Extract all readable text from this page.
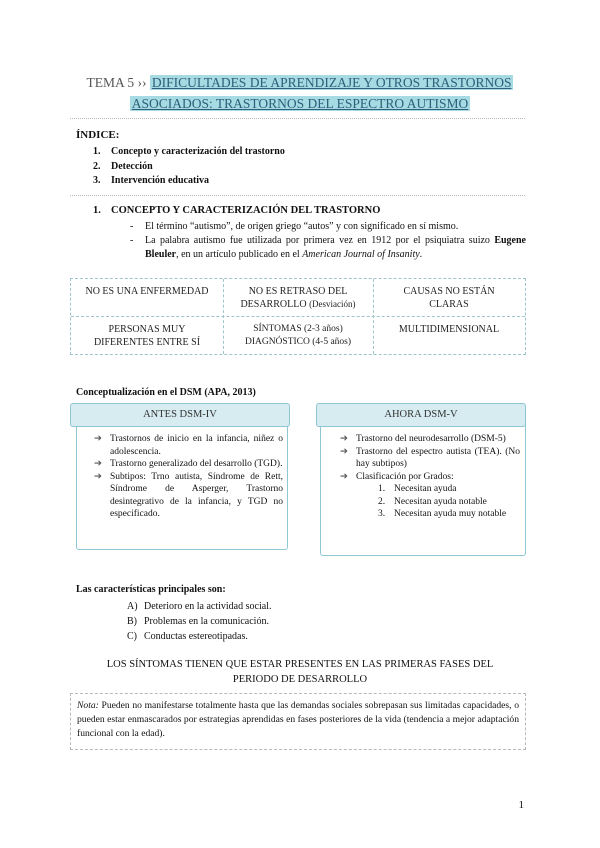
TEMA 5 ›› DIFICULTADES DE APRENDIZAJE Y OTROS TRASTORNOS
ASOCIADOS: TRASTORNOS DEL ESPECTRO AUTISMO
ÍNDICE:
1. Concepto y caracterización del trastorno
2. Detección
3. Intervención educativa
1. CONCEPTO Y CARACTERIZACIÓN DEL TRASTORNO
- El término “autismo”, de origen griego “autos” y con significado en sí mismo.
- La palabra autismo fue utilizada por primera vez en 1912 por el psiquiatra suizo Eugene Bleuler, en un artículo publicado en el American Journal of Insanity.
NO ES UNA ENFERMEDAD	NO ES RETRASO DEL
DESARROLLO (Desviación)
CAUSAS NO ESTÁN
CLARAS
PERSONAS MUY
DIFERENTES ENTRE SÍ
SÍNTOMAS (2-3 años)
DIAGNÓSTICO (4-5 años)
MULTIDIMENSIONAL
Conceptualización en el DSM (APA, 2013)
ANTES DSM-IV
➔ Trastornos de inicio en la infancia, niñez o adolescencia.
➔ Trastorno generalizado del desarrollo (TGD).
➔ Subtipos: Trno autista, Síndrome de Rett, Síndrome de Asperger, Trastorno desintegrativo de la infancia, y TGD no especificado.
AHORA DSM-V
➔ Trastorno del neurodesarrollo (DSM-5)
➔ Trastorno del espectro autista (TEA). (No hay subtipos)
➔ Clasificación por Grados:
1. Necesitan ayuda
2. Necesitan ayuda notable
3. Necesitan ayuda muy notable
Las características principales son:
A) Deterioro en la actividad social.
B) Problemas en la comunicación.
C) Conductas estereotipadas.
LOS SÍNTOMAS TIENEN QUE ESTAR PRESENTES EN LAS PRIMERAS FASES DEL
PERIODO DE DESARROLLO
Nota: Pueden no manifestarse totalmente hasta que las demandas sociales sobrepasan sus limitadas capacidades, o pueden estar enmascarados por estrategias aprendidas en fases posteriores de la vida (tendencia a mejor adaptación funcional con la edad).
1
